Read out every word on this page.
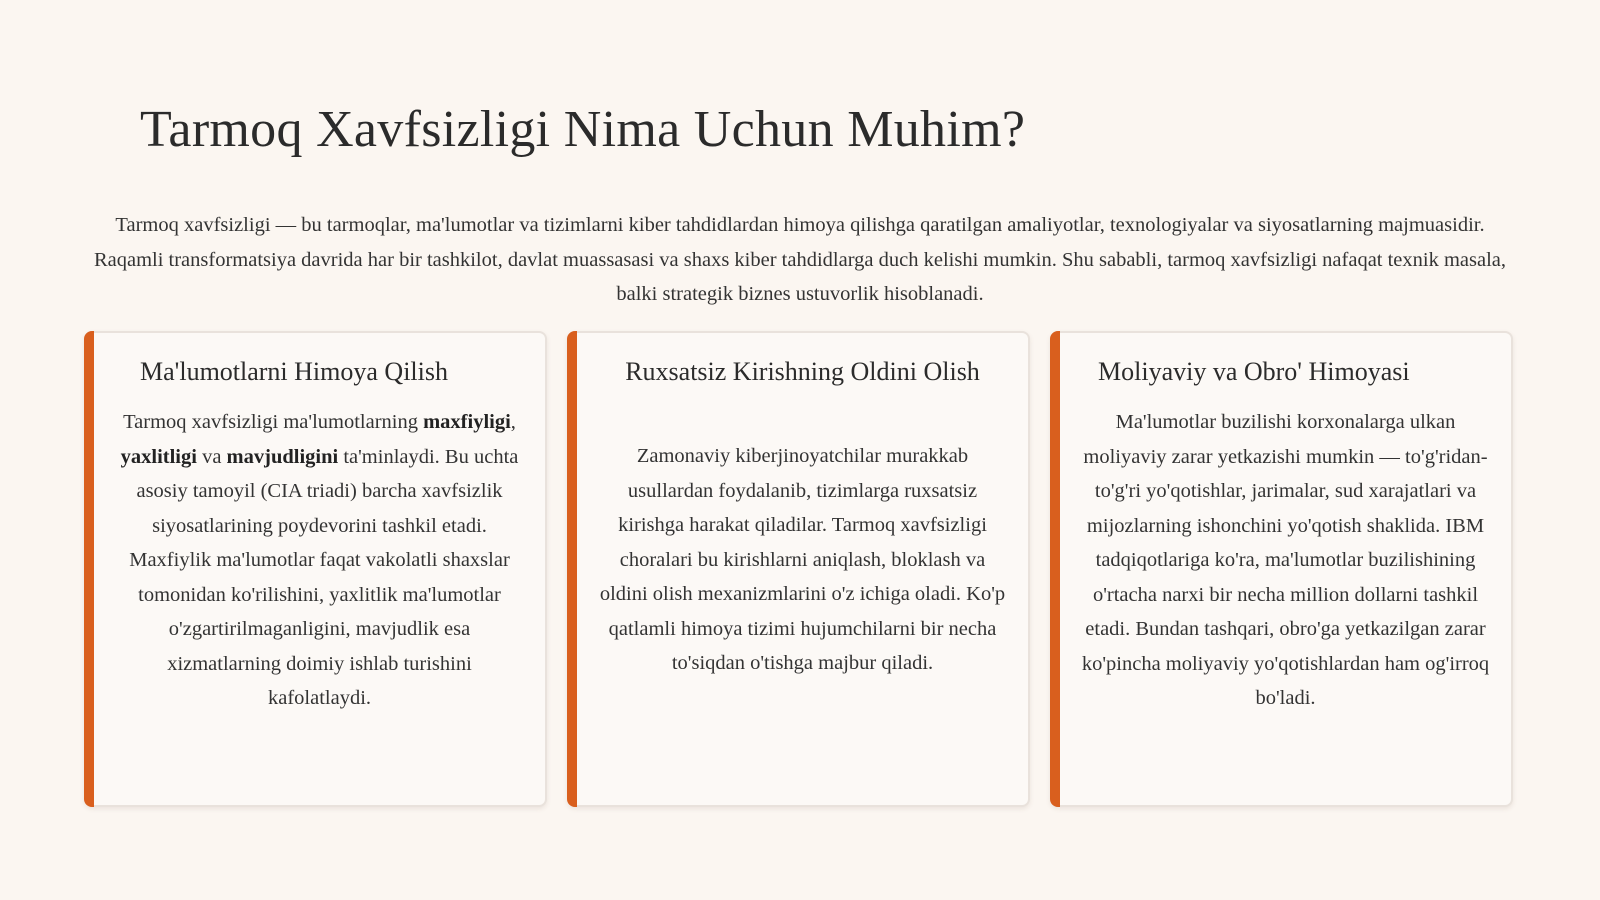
Tarmoq Xavfsizligi Nima Uchun Muhim?

Tarmoq xavfsizligi — bu tarmoqlar, ma'lumotlar va tizimlarni kiber tahdidlardan himoya qilishga qaratilgan amaliyotlar, texnologiyalar va siyosatlarning majmuasidir. Raqamli transformatsiya davrida har bir tashkilot, davlat muassasasi va shaxs kiber tahdidlarga duch kelishi mumkin. Shu sababli, tarmoq xavfsizligi nafaqat texnik masala, balki strategik biznes ustuvorlik hisoblanadi.

Ma'lumotlarni Himoya Qilish

Tarmoq xavfsizligi ma'lumotlarning maxfiyligi, yaxlitligi va mavjudligini ta'minlaydi. Bu uchta asosiy tamoyil (CIA triadi) barcha xavfsizlik siyosatlarining poydevorini tashkil etadi. Maxfiylik ma'lumotlar faqat vakolatli shaxslar tomonidan ko'rilishini, yaxlitlik ma'lumotlar o'zgartirilmaganligini, mavjudlik esa xizmatlarning doimiy ishlab turishini kafolatlaydi.

Ruxsatsiz Kirishning Oldini Olish

Zamonaviy kiberjinoyatchilar murakkab usullardan foydalanib, tizimlarga ruxsatsiz kirishga harakat qiladilar. Tarmoq xavfsizligi choralari bu kirishlarni aniqlash, bloklash va oldini olish mexanizmlarini o'z ichiga oladi. Ko'p qatlamli himoya tizimi hujumchilarni bir necha to'siqdan o'tishga majbur qiladi.

Moliyaviy va Obro' Himoyasi

Ma'lumotlar buzilishi korxonalarga ulkan moliyaviy zarar yetkazishi mumkin — to'g'ridan-to'g'ri yo'qotishlar, jarimalar, sud xarajatlari va mijozlarning ishonchini yo'qotish shaklida. IBM tadqiqotlariga ko'ra, ma'lumotlar buzilishining o'rtacha narxi bir necha million dollarni tashkil etadi. Bundan tashqari, obro'ga yetkazilgan zarar ko'pincha moliyaviy yo'qotishlardan ham og'irroq bo'ladi.
